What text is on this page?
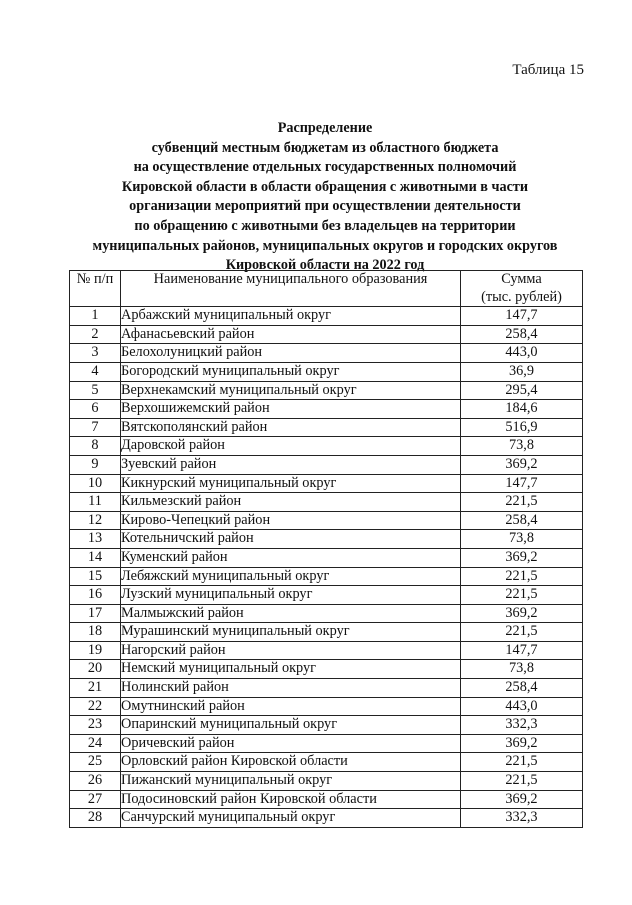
Таблица 15
Распределение
субвенций местным бюджетам из областного бюджета
на осуществление отдельных государственных полномочий
Кировской области в области обращения с животными в части
организации мероприятий при осуществлении деятельности
по обращению с животными без владельцев на территории
муниципальных районов, муниципальных округов и городских округов
Кировской области на 2022 год
№ п/п	Наименование муниципального образования	Сумма
(тыс. рублей)

1	Арбажский муниципальный округ	147,7
2	Афанасьевский район	258,4
3	Белохолуницкий район	443,0
4	Богородский муниципальный округ	36,9
5	Верхнекамский муниципальный округ	295,4
6	Верхошижемский район	184,6
7	Вятскополянский район	516,9
8	Даровской район	73,8
9	Зуевский район	369,2
10	Кикнурский муниципальный округ	147,7
11	Кильмезский район	221,5
12	Кирово-Чепецкий район	258,4
13	Котельничский район	73,8
14	Куменский район	369,2
15	Лебяжский муниципальный округ	221,5
16	Лузский муниципальный округ	221,5
17	Малмыжский район	369,2
18	Мурашинский муниципальный округ	221,5
19	Нагорский район	147,7
20	Немский муниципальный округ	73,8
21	Нолинский район	258,4
22	Омутнинский район	443,0
23	Опаринский муниципальный округ	332,3
24	Оричевский район	369,2
25	Орловский район Кировской области	221,5
26	Пижанский муниципальный округ	221,5
27	Подосиновский район Кировской области	369,2
28	Санчурский муниципальный округ	332,3
